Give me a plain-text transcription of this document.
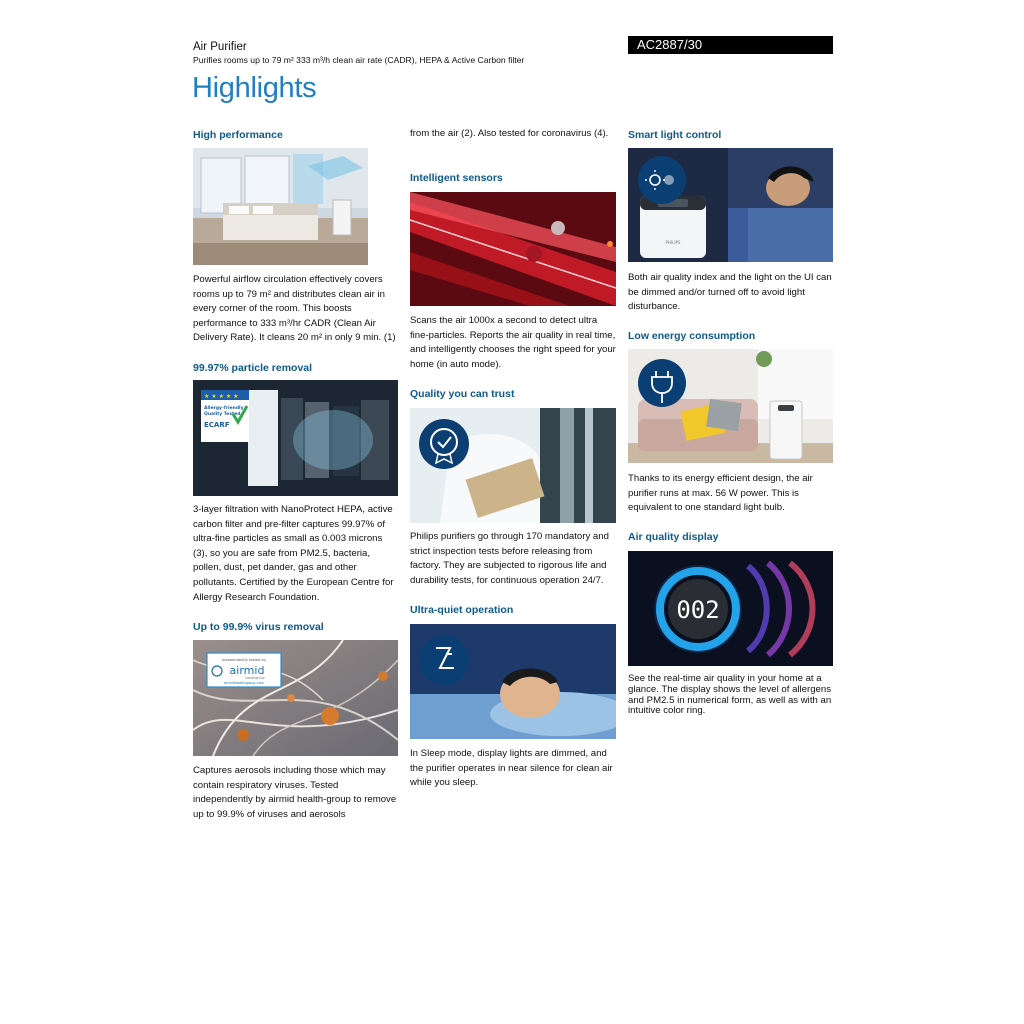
Air Purifier
Purifies rooms up to 79 m² 333 m³/h clean air rate (CADR), HEPA & Active Carbon filter
AC2887/30
Highlights

High performance

Powerful airflow circulation effectively covers rooms up to 79 m² and distributes clean air in every corner of the room. This boosts performance to 333 m³/hr CADR (Clean Air Delivery Rate). It cleans 20 m² in only 9 min. (1)

99.97% particle removal

★ ★ ★ ★ ★
Allergy-friendly
Quality Tested
ECARF

3-layer filtration with NanoProtect HEPA, active carbon filter and pre-filter captures 99.97% of ultra-fine particles as small as 0.003 microns (3), so you are safe from PM2.5, bacteria, pollen, dust, pet dander, gas and other pollutants. Certified by the European Centre for Allergy Research Foundation.

Up to 99.9% virus removal

independently tested by
airmid
healthgroup
airmidhealthgroup.com

Captures aerosols including those which may contain respiratory viruses. Tested independently by airmid health-group to remove up to 99.9% of viruses and aerosols

from the air (2). Also tested for coronavirus (4).

Intelligent sensors

Scans the air 1000x a second to detect ultra fine-particles. Reports the air quality in real time, and intelligently chooses the right speed for your home (in auto mode).

Quality you can trust

Philips purifiers go through 170 mandatory and strict inspection tests before releasing from factory. They are subjected to rigorous life and durability tests, for continuous operation 24/7.

Ultra-quiet operation

In Sleep mode, display lights are dimmed, and the purifier operates in near silence for clean air while you sleep.

Smart light control

PHILIPS

Both air quality index and the light on the UI can be dimmed and/or turned off to avoid light disturbance.

Low energy consumption

Thanks to its energy efficient design, the air purifier runs at max. 56 W power. This is equivalent to one standard light bulb.

Air quality display

002

See the real-time air quality in your home at a glance. The display shows the level of allergens and PM2.5 in numerical form, as well as with an intuitive color ring.
